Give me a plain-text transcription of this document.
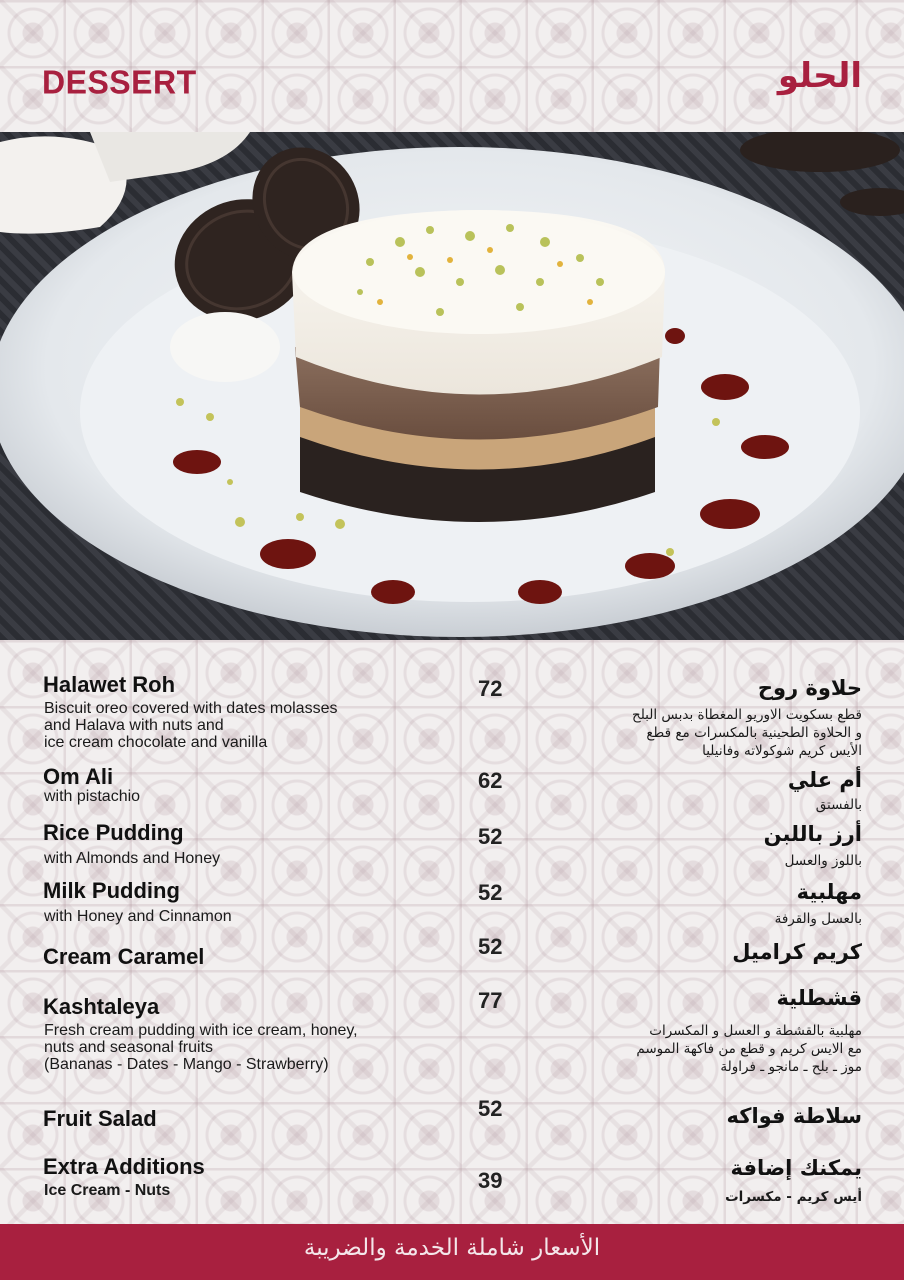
DESSERT	الحلو
Halawet Roh
Biscuit oreo covered with dates molasses
and Halava with nuts and
ice cream chocolate and vanilla
72	حلاوة روح
قطع بسكويت الاوريو المغطاة بدبس البلح
و الحلاوة الطحينية بالمكسرات مع قطع
الأيس كريم شوكولاته وفانيليا
Om Ali
with pistachio
62	أم علي
بالفستق
Rice Pudding
with Almonds and Honey
52	أرز باللبن
باللوز والعسل
Milk Pudding
with Honey and Cinnamon
52	مهلبية
بالعسل والقرفة
Cream Caramel	52	كريم كراميل
Kashtaleya
Fresh cream pudding with ice cream, honey,
nuts and seasonal fruits
(Bananas - Dates - Mango - Strawberry)
77	قشطلية
مهلبية بالقشطة و العسل و المكسرات
مع الايس كريم و قطع من فاكهة الموسم
موز ـ بلح ـ مانجو ـ فراولة
Fruit Salad	52	سلاطة فواكه
Extra Additions
Ice Cream - Nuts	39	يمكنك إضافة
أيس كريم - مكسرات
الأسعار شاملة الخدمة والضريبة
